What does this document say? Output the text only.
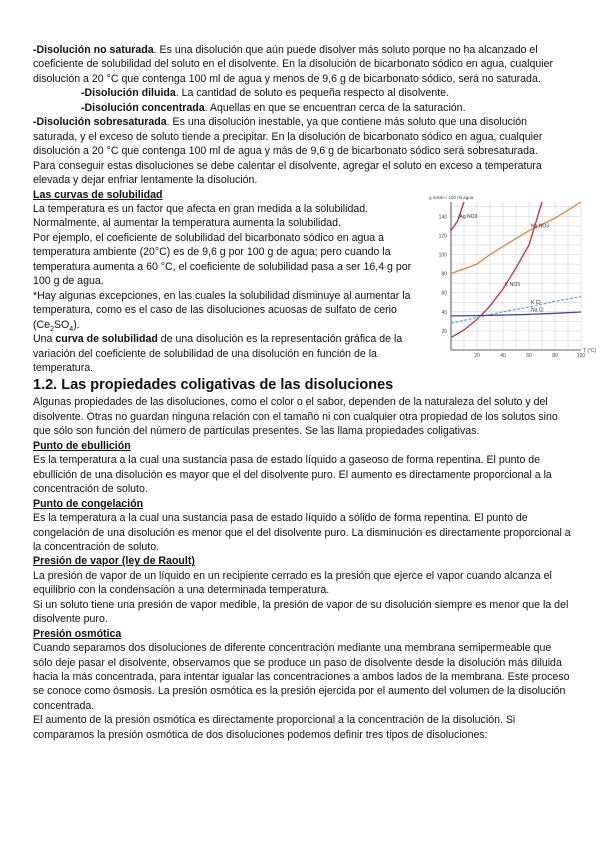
-Disolución no saturada. Es una disolución que aún puede disolver más soluto porque no ha alcanzado el coeficiente de solubilidad del soluto en el disolvente. En la disolución de bicarbonato sódico en agua, cualquier disolución a 20 °C que contenga 100 ml de agua y menos de 9,6 g de bicarbonato sódico, será no saturada.

-Disolución diluida. La cantidad de soluto es pequeña respecto al disolvente.

-Disolución concentrada. Aquellas en que se encuentran cerca de la saturación.

-Disolución sobresaturada. Es una disolución inestable, ya que contiene más soluto que una disolución saturada, y el exceso de soluto tiende a precipitar. En la disolución de bicarbonato sódico en agua, cualquier disolución a 20 °C que contenga 100 ml de agua y más de 9,6 g de bicarbonato sódico será sobresaturada.

Para conseguir estas disoluciones se debe calentar el disolvente, agregar el soluto en exceso a temperatura elevada y dejar enfriar lentamente la disolución.

20
40
60
80
100
120
140
20	40	60	80	100
g soluto / 100 ml agua
T (°C)
Ag NO3
Na NO3
K NO3
K Cl
Na Cl

Las curvas de solubilidad

La temperatura es un factor que afecta en gran medida a la solubilidad. Normalmente, al aumentar la temperatura aumenta la solubilidad.

Por ejemplo, el coeficiente de solubilidad del bicarbonato sódico en agua a temperatura ambiente (20°C) es de 9,6 g por 100 g de agua; pero cuando la temperatura aumenta a 60 °C, el coeficiente de solubilidad pasa a ser 16,4 g por 100 g de agua.

*Hay algunas excepciones, en las cuales la solubilidad disminuye al aumentar la temperatura, como es el caso de las disoluciones acuosas de sulfato de cerio $(Ce_2SO_4)$.

Una curva de solubilidad de una disolución es la representación gráfica de la variación del coeficiente de solubilidad de una disolución en función de la temperatura.

1.2. Las propiedades coligativas de las disoluciones

Algunas propiedades de las disoluciones, como el color o el sabor, dependen de la naturaleza del soluto y del disolvente. Otras no guardan ninguna relación con el tamaño ni con cualquier otra propiedad de los solutos sino que sólo son función del número de partículas presentes. Se las llama propiedades coligativas.

Punto de ebullición

Es la temperatura a la cual una sustancia pasa de estado líquido a gaseoso de forma repentina. El punto de ebullición de una disolución es mayor que el del disolvente puro. El aumento es directamente proporcional a la concentración de soluto.

Punto de congelación

Es la temperatura a la cual una sustancia pasa de estado líquido a sólido de forma repentina. El punto de congelación de una disolución es menor que el del disolvente puro. La disminución es directamente proporcional a la concentración de soluto.

Presión de vapor (ley de Raoult)

La presión de vapor de un líquido en un recipiente cerrado es la presión que ejerce el vapor cuando alcanza el equilibrio con la condensación a una determinada temperatura.

Si un soluto tiene una presión de vapor medible, la presión de vapor de su disolución siempre es menor que la del disolvente puro.

Presión osmótica

Cuando separamos dos disoluciones de diferente concentración mediante una membrana semipermeable que sólo deje pasar el disolvente, observamos que se produce un paso de disolvente desde la disolución más diluida hacia la más concentrada, para intentar igualar las concentraciones a ambos lados de la membrana. Este proceso se conoce como ósmosis. La presión osmótica es la presión ejercida por el aumento del volumen de la disolución concentrada.

El aumento de la presión osmótica es directamente proporcional a la concentración de la disolución. Si comparamos la presión osmótica de dos disoluciones podemos definir tres tipos de disoluciones:
